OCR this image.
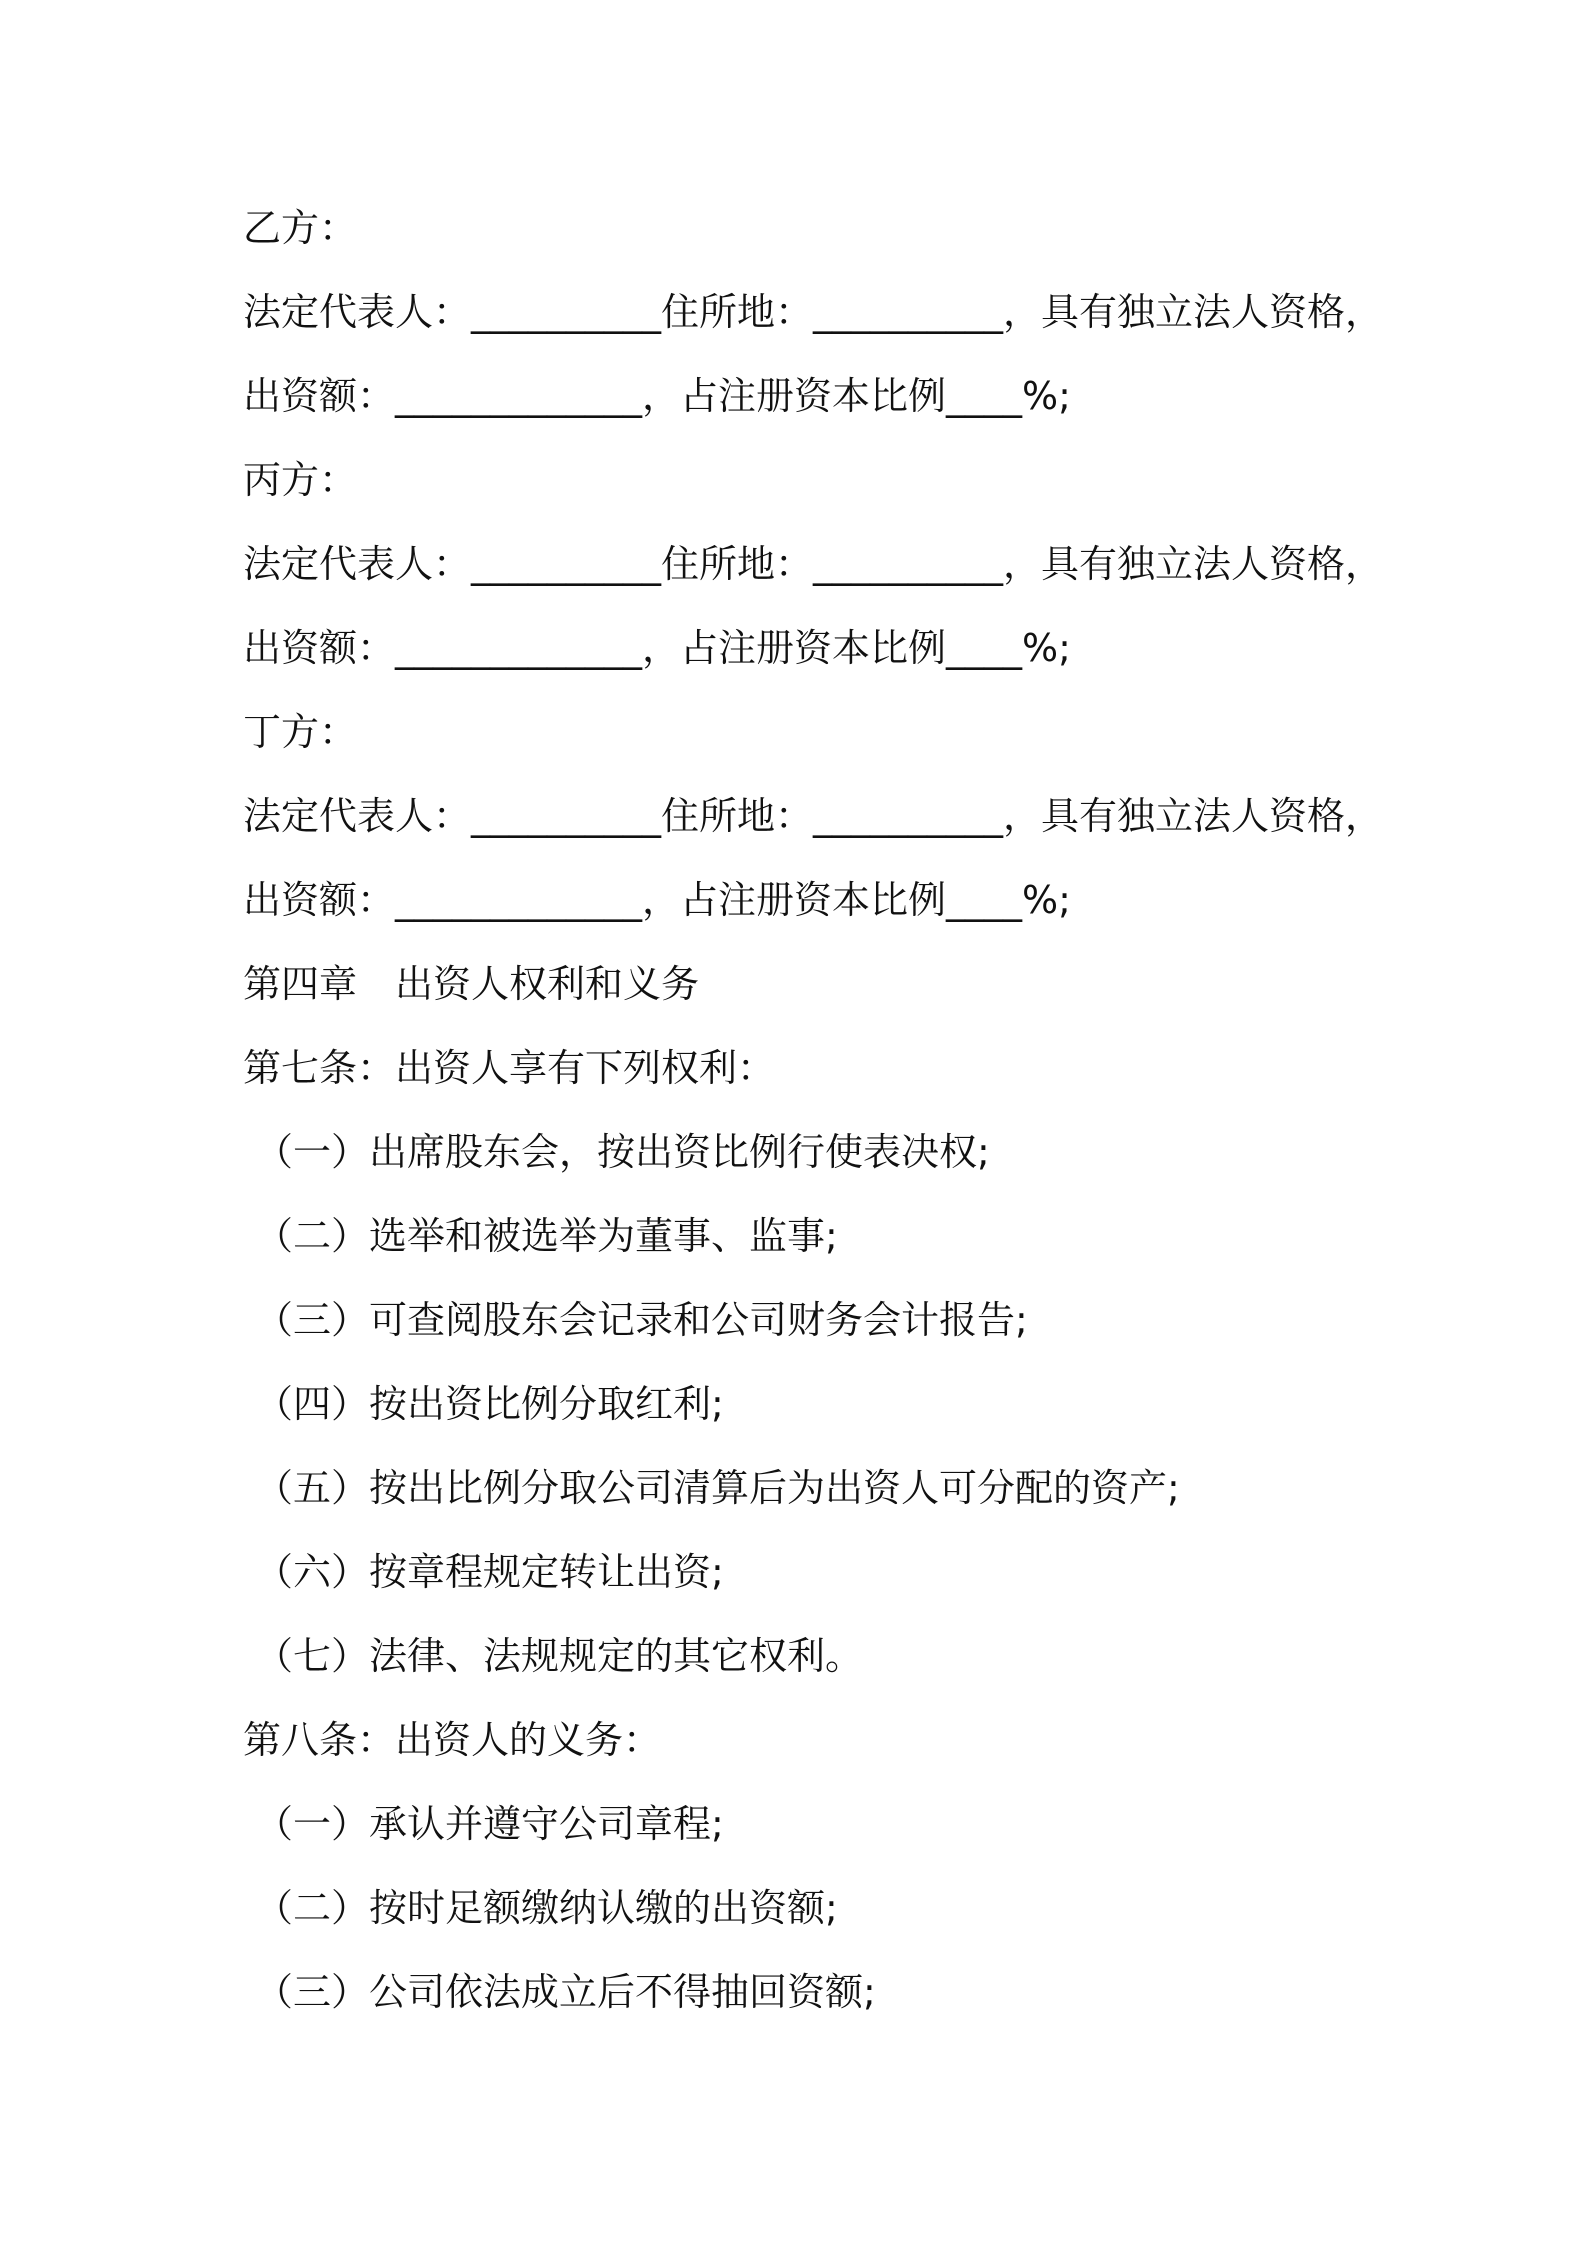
乙方：
法定代表人：__________住所地：__________，具有独立法人资格，
出资额：_____________，占注册资本比例____%;
丙方：
法定代表人：__________住所地：__________，具有独立法人资格，
出资额：_____________，占注册资本比例____%;
丁方：
法定代表人：__________住所地：__________，具有独立法人资格，
出资额：_____________，占注册资本比例____%;
第四章　出资人权利和义务
第七条：出资人享有下列权利：
（一）出席股东会，按出资比例行使表决权;
（二）选举和被选举为董事、监事;
（三）可查阅股东会记录和公司财务会计报告;
（四）按出资比例分取红利;
（五）按出比例分取公司清算后为出资人可分配的资产;
（六）按章程规定转让出资;
（七）法律、法规规定的其它权利。
第八条：出资人的义务：
（一）承认并遵守公司章程;
（二）按时足额缴纳认缴的出资额;
（三）公司依法成立后不得抽回资额;
